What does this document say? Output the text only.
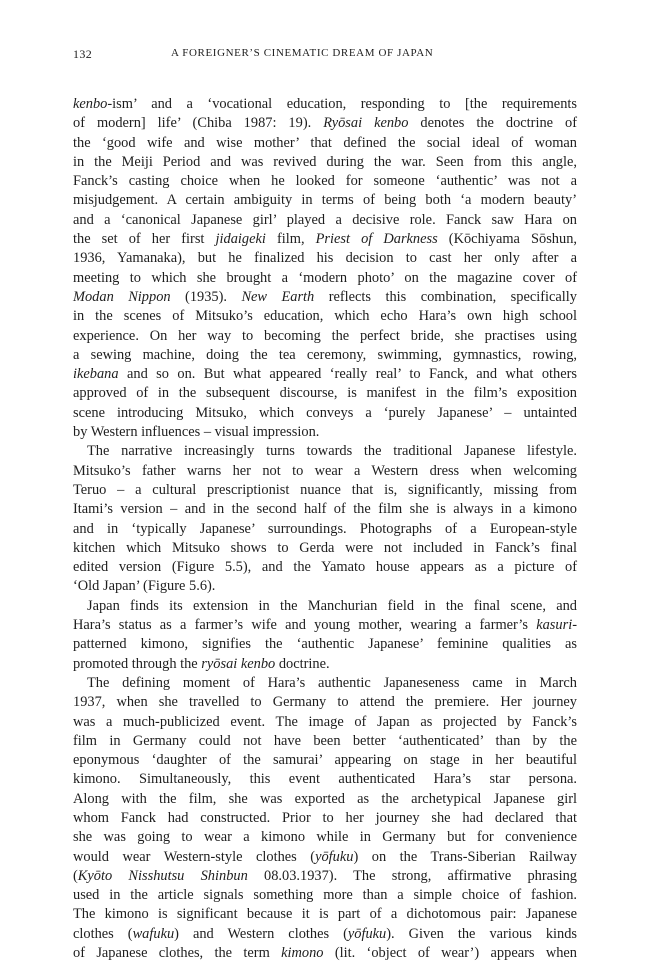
132	A FOREIGNER’S CINEMATIC DREAM OF JAPAN
kenbo-ism’ and a ‘vocational education, responding to [the requirements
of modern] life’ (Chiba 1987: 19). Ryōsai kenbo denotes the doctrine of
the ‘good wife and wise mother’ that defined the social ideal of woman
in the Meiji Period and was revived during the war. Seen from this angle,
Fanck’s casting choice when he looked for someone ‘authentic’ was not a
misjudgement. A certain ambiguity in terms of being both ‘a modern beauty’
and a ‘canonical Japanese girl’ played a decisive role. Fanck saw Hara on
the set of her first jidaigeki film, Priest of Darkness (Kōchiyama Sōshun,
1936, Yamanaka), but he finalized his decision to cast her only after a
meeting to which she brought a ‘modern photo’ on the magazine cover of
Modan Nippon (1935). New Earth reflects this combination, specifically
in the scenes of Mitsuko’s education, which echo Hara’s own high school
experience. On her way to becoming the perfect bride, she practises using
a sewing machine, doing the tea ceremony, swimming, gymnastics, rowing,
ikebana and so on. But what appeared ‘really real’ to Fanck, and what others
approved of in the subsequent discourse, is manifest in the film’s exposition
scene introducing Mitsuko, which conveys a ‘purely Japanese’ – untainted
by Western influences – visual impression.
The narrative increasingly turns towards the traditional Japanese lifestyle.
Mitsuko’s father warns her not to wear a Western dress when welcoming
Teruo – a cultural prescriptionist nuance that is, significantly, missing from
Itami’s version – and in the second half of the film she is always in a kimono
and in ‘typically Japanese’ surroundings. Photographs of a European-style
kitchen which Mitsuko shows to Gerda were not included in Fanck’s final
edited version (Figure 5.5), and the Yamato house appears as a picture of
‘Old Japan’ (Figure 5.6).
Japan finds its extension in the Manchurian field in the final scene, and
Hara’s status as a farmer’s wife and young mother, wearing a farmer’s kasuri-
patterned kimono, signifies the ‘authentic Japanese’ feminine qualities as
promoted through the ryōsai kenbo doctrine.
The defining moment of Hara’s authentic Japaneseness came in March
1937, when she travelled to Germany to attend the premiere. Her journey
was a much-publicized event. The image of Japan as projected by Fanck’s
film in Germany could not have been better ‘authenticated’ than by the
eponymous ‘daughter of the samurai’ appearing on stage in her beautiful
kimono. Simultaneously, this event authenticated Hara’s star persona.
Along with the film, she was exported as the archetypical Japanese girl
whom Fanck had constructed. Prior to her journey she had declared that
she was going to wear a kimono while in Germany but for convenience
would wear Western-style clothes (yōfuku) on the Trans-Siberian Railway
(Kyōto Nisshutsu Shinbun 08.03.1937). The strong, affirmative phrasing
used in the article signals something more than a simple choice of fashion.
The kimono is significant because it is part of a dichotomous pair: Japanese
clothes (wafuku) and Western clothes (yōfuku). Given the various kinds
of Japanese clothes, the term kimono (lit. ‘object of wear’) appears when
